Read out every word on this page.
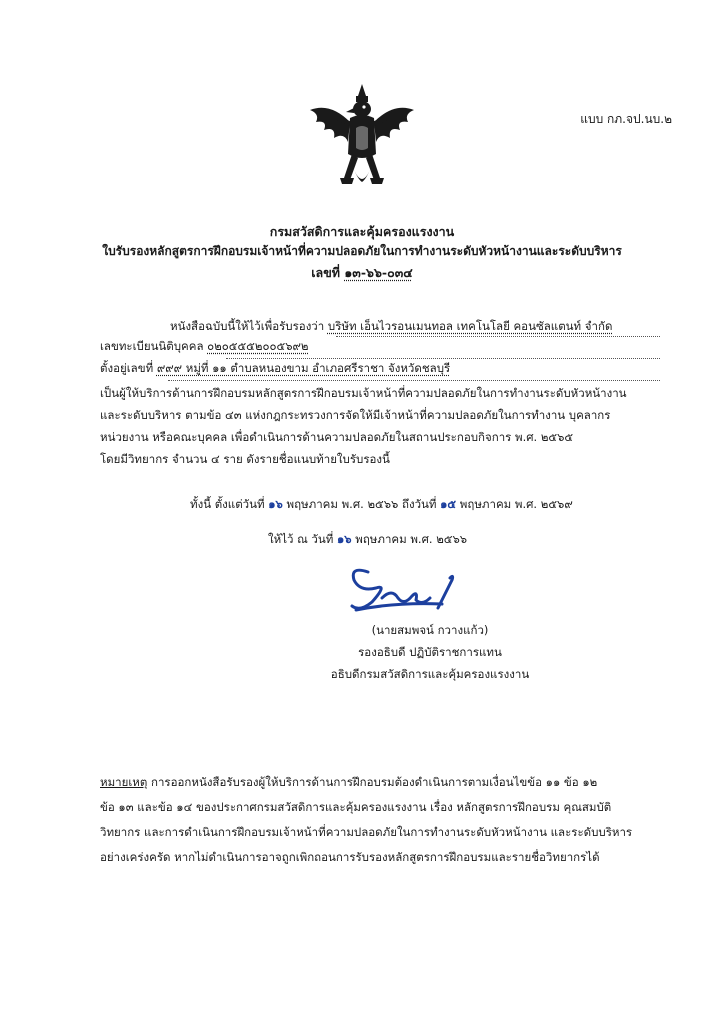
แบบ กภ.จป.นบ.๒
กรมสวัสดิการและคุ้มครองแรงงาน
ใบรับรองหลักสูตรการฝึกอบรมเจ้าหน้าที่ความปลอดภัยในการทำงานระดับหัวหน้างานและระดับบริหาร
เลขที่ ๑๓-๖๖-๐๓๔
หนังสือฉบับนี้ให้ไว้เพื่อรับรองว่า บริษัท เอ็นไวรอนเมนทอล เทคโนโลยี คอนซัลแตนท์ จำกัด
เลขทะเบียนนิติบุคคล ๐๒๐๕๕๕๒๐๐๕๖๙๒
ตั้งอยู่เลขที่ ๙๙๙ หมู่ที่ ๑๑ ตำบลหนองขาม อำเภอศรีราชา จังหวัดชลบุรี
เป็นผู้ให้บริการด้านการฝึกอบรมหลักสูตรการฝึกอบรมเจ้าหน้าที่ความปลอดภัยในการทำงานระดับหัวหน้างาน
และระดับบริหาร ตามข้อ ๔๓ แห่งกฎกระทรวงการจัดให้มีเจ้าหน้าที่ความปลอดภัยในการทำงาน บุคลากร
หน่วยงาน หรือคณะบุคคล เพื่อดำเนินการด้านความปลอดภัยในสถานประกอบกิจการ พ.ศ. ๒๕๖๕
โดยมีวิทยากร จำนวน ๔ ราย ดังรายชื่อแนบท้ายใบรับรองนี้
ทั้งนี้ ตั้งแต่วันที่ ๑๖ พฤษภาคม พ.ศ. ๒๕๖๖ ถึงวันที่ ๑๕ พฤษภาคม พ.ศ. ๒๕๖๙
ให้ไว้ ณ วันที่ ๑๖ พฤษภาคม พ.ศ. ๒๕๖๖
(นายสมพจน์ กวางแก้ว)
รองอธิบดี ปฏิบัติราชการแทน
อธิบดีกรมสวัสดิการและคุ้มครองแรงงาน
หมายเหตุ การออกหนังสือรับรองผู้ให้บริการด้านการฝึกอบรมต้องดำเนินการตามเงื่อนไขข้อ ๑๑ ข้อ ๑๒
ข้อ ๑๓ และข้อ ๑๔ ของประกาศกรมสวัสดิการและคุ้มครองแรงงาน เรื่อง หลักสูตรการฝึกอบรม คุณสมบัติ
วิทยากร และการดำเนินการฝึกอบรมเจ้าหน้าที่ความปลอดภัยในการทำงานระดับหัวหน้างาน และระดับบริหาร
อย่างเคร่งครัด หากไม่ดำเนินการอาจถูกเพิกถอนการรับรองหลักสูตรการฝึกอบรมและรายชื่อวิทยากรได้
